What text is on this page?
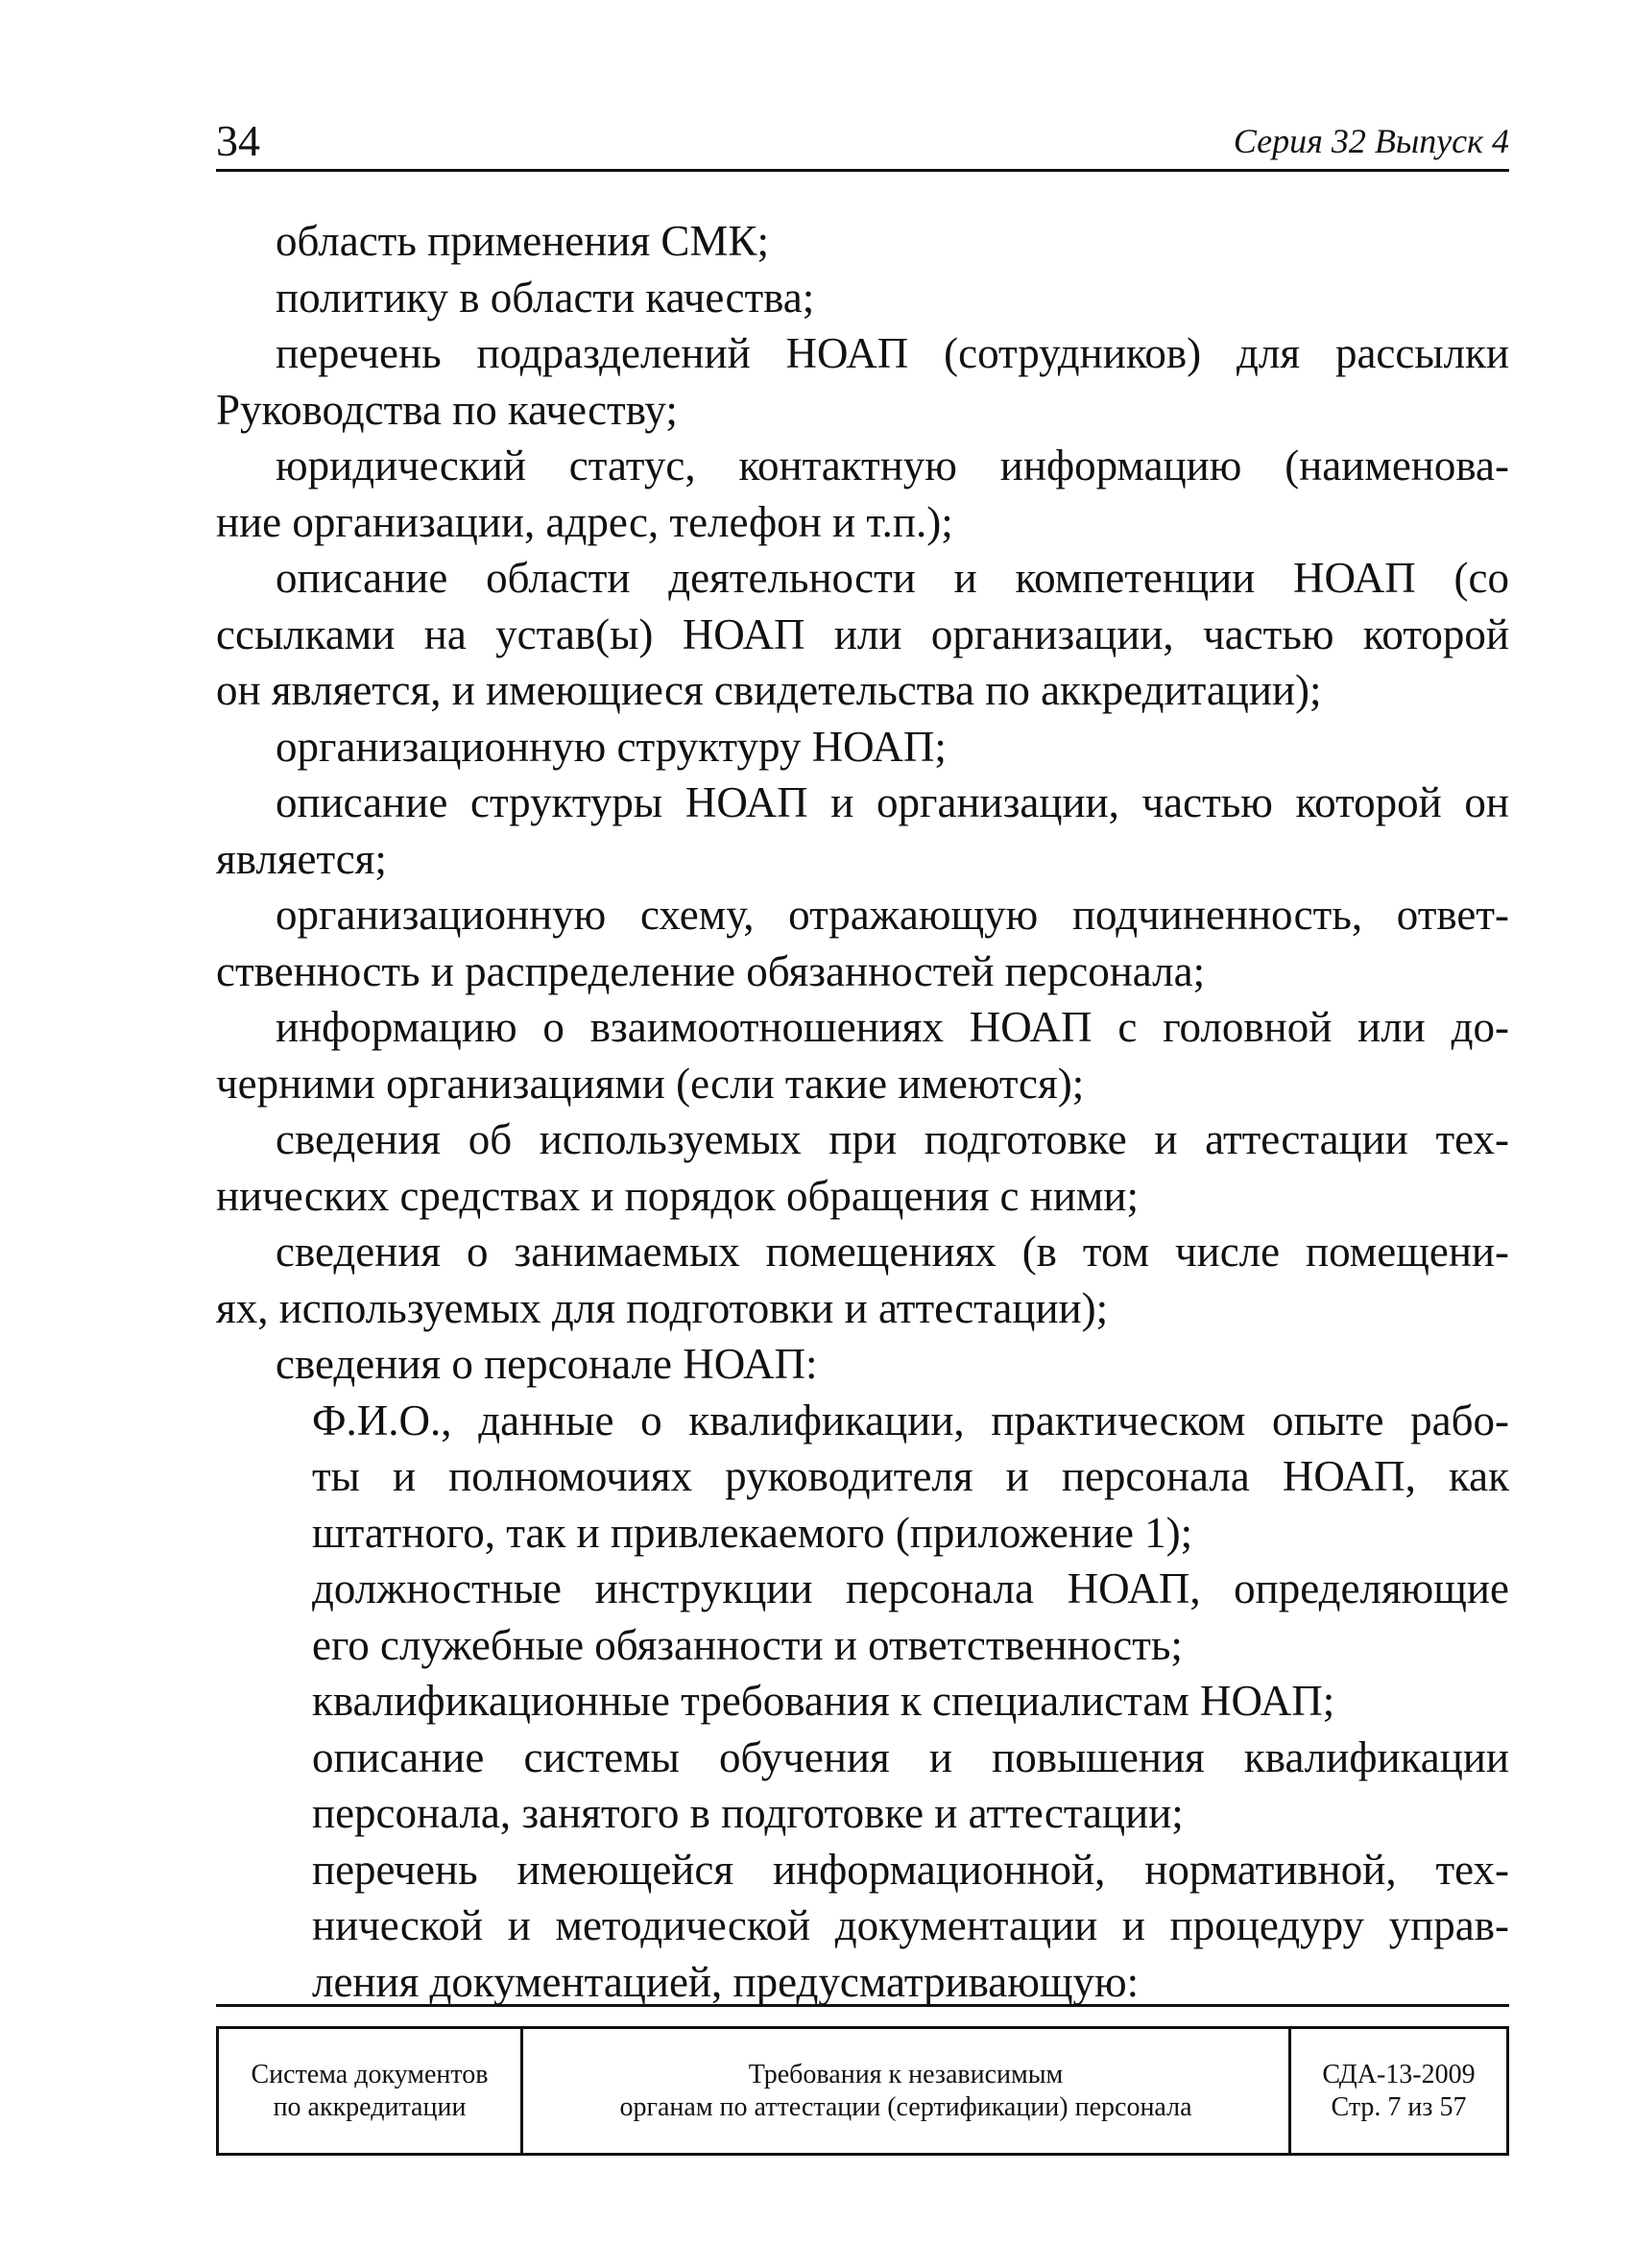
34	Серия 32 Выпуск 4

область применения СМК;

политику в области качества;

перечень подразделений НОАП (сотрудников) для рассылки
Руководства по качеству;

юридический статус, контактную информацию (наименова-
ние организации, адрес, телефон и т.п.);

описание области деятельности и компетенции НОАП (со
ссылками на устав(ы) НОАП или организации, частью которой
он является, и имеющиеся свидетельства по аккредитации);

организационную структуру НОАП;

описание структуры НОАП и организации, частью которой он
является;

организационную схему, отражающую подчиненность, ответ-
ственность и распределение обязанностей персонала;

информацию о взаимоотношениях НОАП с головной или до-
черними организациями (если такие имеются);

сведения об используемых при подготовке и аттестации тех-
нических средствах и порядок обращения с ними;

сведения о занимаемых помещениях (в том числе помещени-
ях, используемых для подготовки и аттестации);

сведения о персонале НОАП:

Ф.И.О., данные о квалификации, практическом опыте рабо-
ты и полномочиях руководителя и персонала НОАП, как
штатного, так и привлекаемого (приложение 1);

должностные инструкции персонала НОАП, определяющие
его служебные обязанности и ответственность;

квалификационные требования к специалистам НОАП;

описание системы обучения и повышения квалификации
персонала, занятого в подготовке и аттестации;

перечень имеющейся информационной, нормативной, тех-
нической и методической документации и процедуру управ-
ления документацией, предусматривающую:

Система документов
по аккредитации
Требования к независимым
органам по аттестации (сертификации) персонала
СДА-13-2009
Стр. 7 из 57
